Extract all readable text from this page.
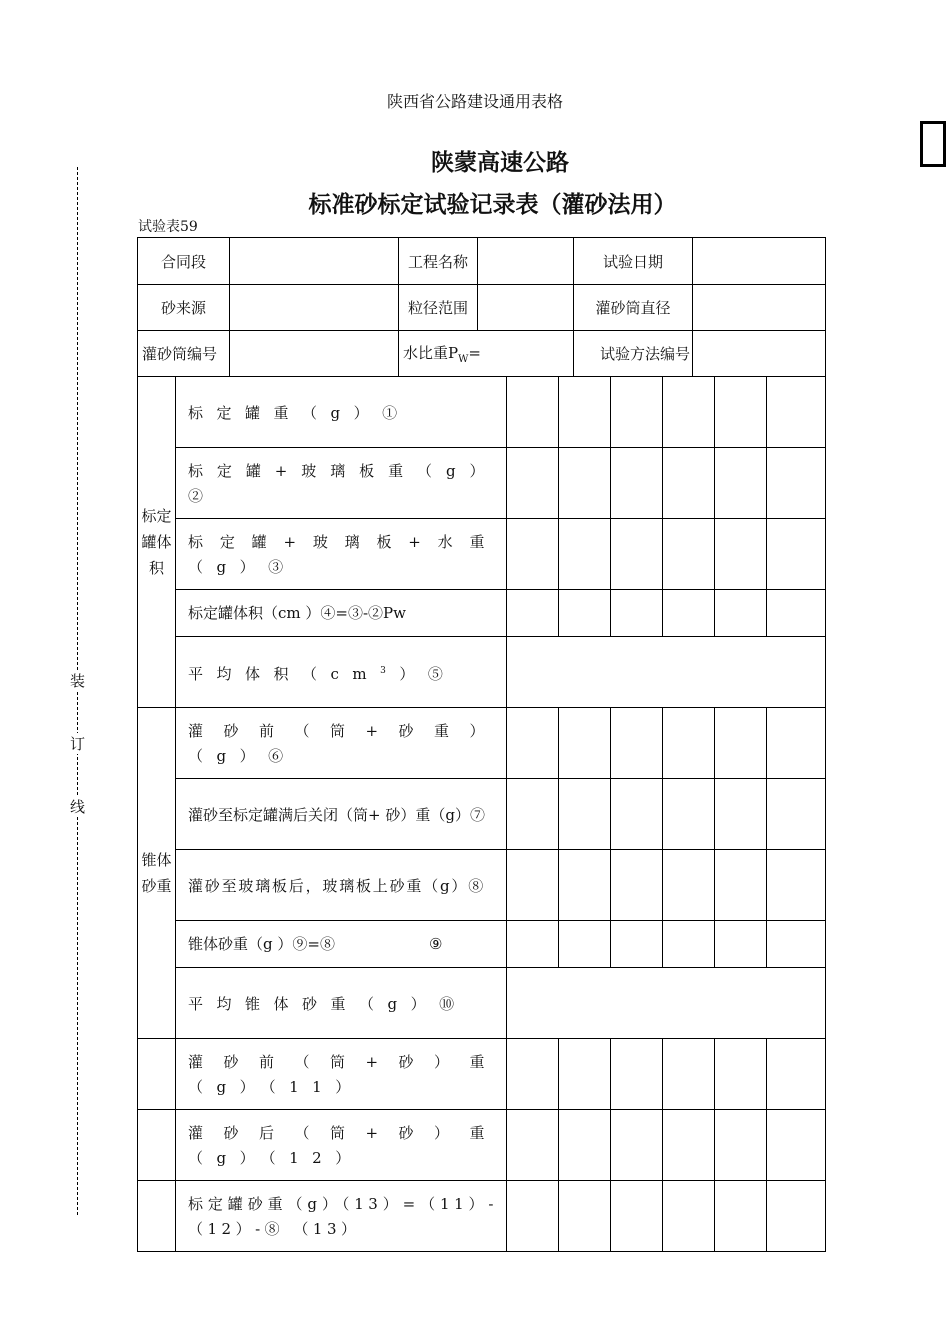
陕西省公路建设通用表格
陕蒙高速公路
标准砂标定试验记录表（灌砂法用）
试验表59
装
订
线
合同段		工程名称		试验日期	
砂来源		粒径范围		灌砂筒直径	
灌砂筒编号		水比重$P_W=$		试验方法编号	
标定罐体积	标定罐重（g）①						
	标定罐+玻璃板重（g）②						
	标定罐+玻璃板+水重（g）③						
	标定罐体积（cm ）④=③-②Pw						
	平均体积$(cm^3)⑤$						
锥体砂重	灌砂前（筒+砂重）（g）⑥						
	灌砂至标定罐满后关闭（筒+ 砂）重（g）⑦						
	灌砂至玻璃板后，玻璃板上砂重（g）⑧						
	锥体砂重（g ）⑨=⑧ ⑨						
	平均锥体砂重（g）⑩						
	灌砂前（筒+砂）重（g）（11）						
	灌砂后（筒+砂）重（g）（12）						
	标定罐砂重（g）（13）=（11）-（12）-⑧ （13）						
